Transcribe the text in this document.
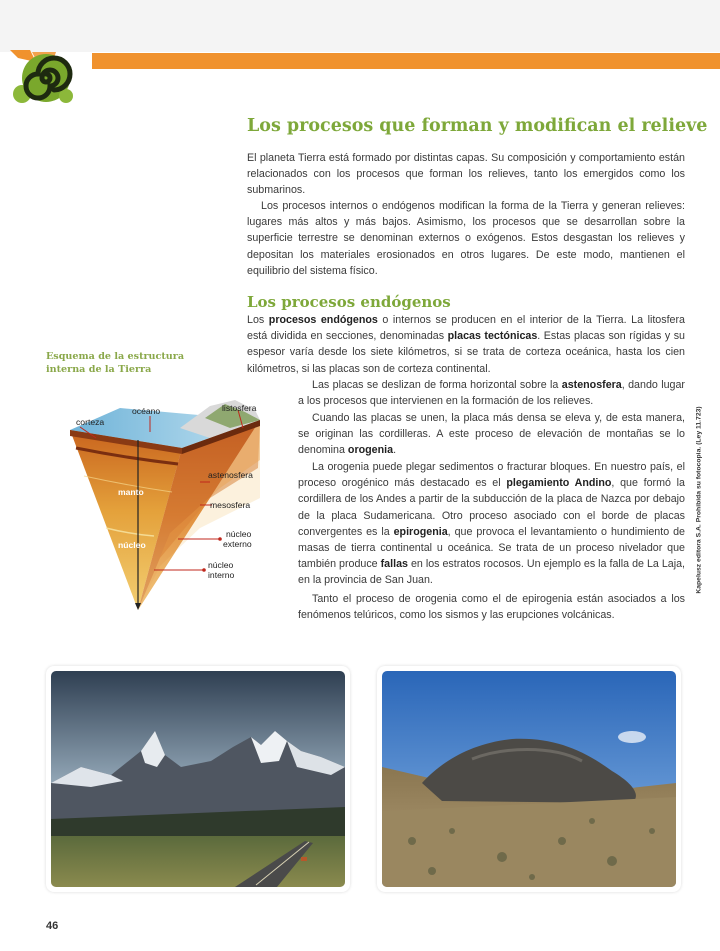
Los procesos que forman y modifican el relieve
El planeta Tierra está formado por distintas capas. Su composición y comportamiento están relacionados con los procesos que forman los relieves, tanto los emergidos como los submarinos.
Los procesos internos o endógenos modifican la forma de la Tierra y generan relieves: lugares más altos y más bajos. Asimismo, los procesos que se desarrollan sobre la superficie terrestre se denominan externos o exógenos. Estos desgastan los relieves y depositan los materiales erosionados en otros lugares. De este modo, mantienen el equilibrio del sistema físico.
Los procesos endógenos
Los procesos endógenos o internos se producen en el interior de la Tierra. La litosfera está dividida en secciones, denominadas placas tectónicas. Estas placas son rígidas y su espesor varía desde los siete kilómetros, si se trata de corteza oceánica, hasta los cien kilómetros, si las placas son de corteza continental.
Las placas se deslizan de forma horizontal sobre la astenosfera, dando lugar a los procesos que intervienen en la formación de los relieves.
Cuando las placas se unen, la placa más densa se eleva y, de esta manera, se originan las cordilleras. A este proceso de elevación de montañas se lo denomina orogenia.
La orogenia puede plegar sedimentos o fracturar bloques. En nuestro país, el proceso orogénico más destacado es el plegamiento Andino, que formó la cordillera de los Andes a partir de la subducción de la placa de Nazca por debajo de la placa Sudamericana. Otro proceso asociado con el borde de placas convergentes es la epirogenia, que provoca el levantamiento o hundimiento de masas de tierra continental u oceánica. Se trata de un proceso nivelador que también produce fallas en los estratos rocosos. Un ejemplo es la falla de La Laja, en la provincia de San Juan.
Tanto el proceso de orogenia como el de epirogenia están asociados a los fenómenos telúricos, como los sismos y las erupciones volcánicas.
Esquema de la estructura interna de la Tierra
océano	listosfera
corteza
manto
astenosfera
mesosfera
núcleo
núcleo
externo
núcleo
interno	Kapelusz editora S.A. Prohibida su fotocopia. (Ley 11.723)
46
